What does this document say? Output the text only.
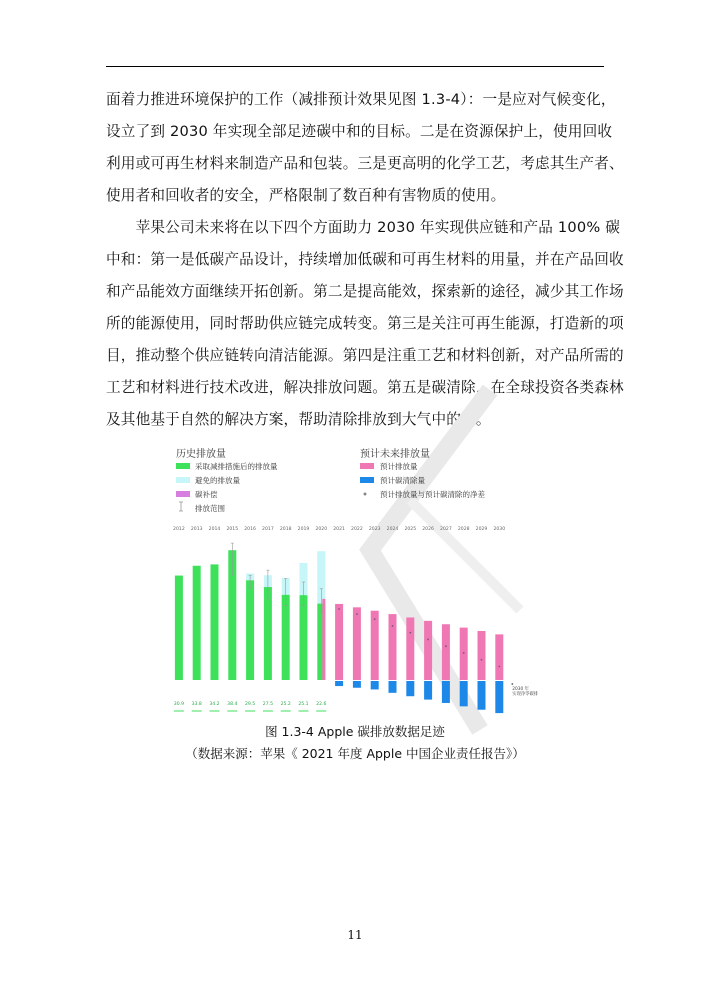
面着力推进环境保护的工作（减排预计效果见图 1.3-4）：一是应对气候变化，
设立了到 2030 年实现全部足迹碳中和的目标。二是在资源保护上，使用回收
利用或可再生材料来制造产品和包装。三是更高明的化学工艺，考虑其生产者、
使用者和回收者的安全，严格限制了数百种有害物质的使用。
　　苹果公司未来将在以下四个方面助力 2030 年实现供应链和产品 100% 碳
中和：第一是低碳产品设计，持续增加低碳和可再生材料的用量，并在产品回收
和产品能效方面继续开拓创新。第二是提高能效，探索新的途径，减少其工作场
所的能源使用，同时帮助供应链完成转变。第三是关注可再生能源，打造新的项
目，推动整个供应链转向清洁能源。第四是注重工艺和材料创新，对产品所需的
工艺和材料进行技术改进，解决排放问题。第五是碳清除，在全球投资各类森林
及其他基于自然的解决方案，帮助清除排放到大气中的碳。
历史排放量	预计未来排放量
采取减排措施后的排放量
避免的排放量
碳补偿
排放范围
预计排放量
预计碳清除量
预计排放量与预计碳清除的净差
2012 2013 2014 2015 2016 2017 2018 2019 2020 2021 2022 2023 2024 2025 2026 2027 2028 2029 2030
30.9 33.8 34.2 38.4 29.5 27.5 25.2 25.1 22.6
2030 年
实现净零碳排
图 1.3-4 Apple 碳排放数据足迹
（数据来源：苹果《 2021 年度 Apple 中国企业责任报告》）
11
